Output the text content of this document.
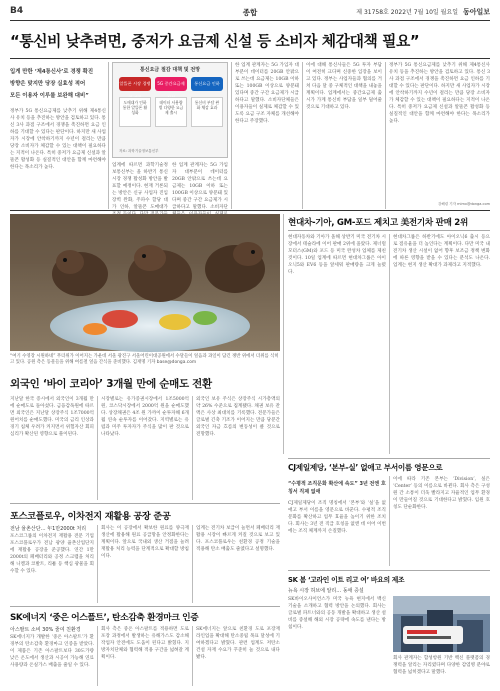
B4	종합	제 31758호 2022년 7월 10일 월요일 동아일보
“통신비 낮추려면, 중저가 요금제 신설 등 소비자 체감대책 필요”
입게 만한 ‘제4통신사’로 경쟁 확진
방향은 맞지만 당장 실효성 적어
모든 이용자 이루를 보완해 대비”
정부가 5G 통신요금제를 낮추기 위해 제4통신사 유치 등을 추진하는 방안을 검토하고 있다. 통신 3사 과점 구조에서 경쟁을 촉진하면 요금 인하를 기대할 수 있다는 판단이다. 하지만 새 사업자가 시장에 안착하기까지 수년이 걸리는 만큼 당장 소비자가 체감할 수 있는 대책이 필요하다는 지적이 나온다. 특히 중저가 요금제 신설과 알뜰폰 활성화 등 실질적인 대안을 함께 마련해야 한다는 목소리가 높다.
통신요금 절감 대책 및 전망
알뜰폰 시장 경쟁	5G 중간요금제	통신요금 인하
도매대가 인하 통한 알뜰폰 활성화
데이터 사용량별 다양한 요금제 출시
통신비 부담 완화 체감 효과
자료: 과학기술정보통신부
업계에 따르면 과학기술정보통신부는 올 하반기 통신시장 경쟁 활성화 방안을 발표할 예정이다. 현재 거론되는 방안은 신규 사업자 진입 장벽 완화, 주파수 할당 대가 인하, 알뜰폰 도매대가
한 업계 관계자는 5G 가입자 대부분이 데이터를 20GB 안팎으로 쓰는데 요금제는 10GB 이하 또는 100GB 이상으로 양분돼 있다며 중간 구간 요금제가 시급하다고 말했다. 소비자단
한 업계 관계자는 5G 가입자 대부분이 데이터를 20GB 안팎으로 쓰는데 요금제는 10GB 이하 또는 100GB 이상으로 양분돼 있다며 중간 구간 요금제가 시급하다고 말했다. 소비자단체들은 이용자들이 실제로 체감할 수 있도록 요금 구조 자체를 개선해야 한다고 주장했다.
이에 대해 통신사들은 5G 투자 부담이 여전히 크다며 신중한 입장을 보이고 있다. 정부는 사업자들과 협의를 거쳐 다음 달 중 구체적인 대책을 내놓을 계획이다. 업계에서는 중간요금제 출시가 가계 통신비 부담을 일부 덜어줄 것으로 기대하고 있다.
정부가 5G 통신요금제를 낮추기 위해 제4통신사 유치 등을 추진하는 방안을 검토하고 있다. 통신 3사 과점 구조에서 경쟁을 촉진하면 요금 인하를 기대할 수 있다는 판단이다. 하지만 새 사업자가 시장에 안착하기까지 수년이 걸리는 만큼 당장 소비자가 체감할 수 있는 대책이 필요하다는 지적이 나온다. 특히 중저가 요금제 신설과 알뜰폰 활성화 등 실질적인 대안을 함께 마련해야 한다는 목소리가 높다.
강해령 기자 mimx@donga.com
“여기 수영장 시원하네” 무더위가 이어지는 가운데 서울 광진구 서울어린이대공원에서 수달들이 얼음과 과일이 담긴 쟁반 위에서 더위를 식히고 있다. 공원 측은 동물들을 위해 여름철 얼음 간식을 준비했다. 김재명 기자 base@donga.com
현대차-기아, GM-포드 제치고 美전기차 판매 2위
현대자동차와 기아가 올해 상반기 미국 전기차 시장에서 테슬라에 이어 판매 2위에 올랐다. 제너럴모터스(GM)와 포드 등 미국 완성차 업체를 제친 것이다. 10일 업계에 따르면 현대차그룹은 아이오닉5와 EV6 등을 앞세워 판매량을 크게 늘렸다.
현대차그룹은 하반기에도 아이오닉6 출시 등으로 점유율을 더 높인다는 계획이다. 다만 미국 내 전기차 생산 시설이 없어 향후 보조금 정책 변화에 따른 영향을 받을 수 있다는 분석도 나온다. 업계는 현지 생산 확대가 과제라고 지적했다.
외국인 ‘바이 코리아’ 3개월 만에 순매도 전환
지난달 한국 증시에서 외국인이 3개월 만에 순매도로 돌아섰다. 금융감독원에 따르면 외국인은 지난달 상장주식 1조7000억 원어치를 순매도했다. 미국의 금리 인상과 경기 침체 우려가 커지면서 위험자산 회피 심리가 확산된 영향으로 풀이된다.
시장별로는 유가증권시장에서 1조5000억 원, 코스닥시장에서 2000억 원을 순매도했다. 상장채권은 4조 원 가까이 순투자해 6개월 연속 순투자를 이어갔다. 지역별로는 유럽과 미주 투자자가 주식을 많이 판 것으로 나타났다.
외국인 보유 주식은 상장주식 시가총액의 약 26% 수준으로 집계됐다. 채권 보유 잔액은 사상 최대치를 기록했다. 전문가들은 글로벌 긴축 기조가 이어지는 만큼 당분간 외국인 자금 흐름의 변동성이 클 것으로 전망했다.
CJ제일제당, ‘본부-실’ 없애고 부서이름 영문으로
“수평적 조직문화 확산에 속도” 3년 전엔 호칭서 직제 없애
CJ제일제당이 조직 명칭에서 ‘본부’와 ‘실’을 없애고 부서 이름을 영문으로 바꾼다. 수평적 조직문화를 확산하고 업무 효율을 높이기 위한 조치다. 회사는 3년 전 직급 호칭을 없앤 데 이어 이번에는 조직 체계까지 손질했다.
이에 따라 기존 본부는 ‘Division’, 실은 ‘Center’ 등의 이름으로 바뀐다. 회사 측은 구성원 간 소통이 더욱 빨라지고 자율적인 업무 환경이 만들어질 것으로 기대한다고 밝혔다. 임원 호칭도 단순화한다.
포스코플로우, 이차전지 재활용 공장 준공
전남 율촌산단… 年1만2000t 처리
포스코그룹의 이차전지 재활용 전문 기업 포스코플로우가 전남 광양 율촌산업단지에 재활용 공장을 준공했다. 연간 1만2000t의 폐배터리와 공정 스크랩을 처리해 니켈과 코발트, 리튬 등 핵심 광물을 회수할 수 있다.
회사는 이 공장에서 확보한 원료를 양극재 생산에 활용해 원료 공급망을 안정화한다는 계획이다. 앞으로 국내외 생산 거점을 늘려 재활용 처리 능력을 단계적으로 확대할 방침이다.
업계는 전기차 보급이 늘면서 폐배터리 재활용 시장이 빠르게 커질 것으로 보고 있다. 포스코플로우는 친환경 공정 기술을 적용해 탄소 배출도 줄였다고 설명했다.
SK에너지 ‘중은 어스플트’, 탄소감축 환경마크 인증
아스팔트 소비 30% 줄여 친환경
SK에너지가 개발한 ‘중온 아스팔트’가 환경부의 탄소감축 환경마크 인증을 받았다. 이 제품은 기존 아스팔트보다 30도가량 낮은 온도에서 생산과 시공이 가능해 연료 사용량과 온실가스 배출을 줄일 수 있다.
회사 측은 중온 아스팔트를 적용하면 도로 포장 과정에서 발생하는 유해가스도 감소해 작업자 안전에도 도움이 된다고 밝혔다. 지방자치단체와 협력해 적용 구간을 넓혀갈 계획이다.
SK에너지는 앞으로 친환경 도로 포장재 라인업을 확대해 탄소중립 목표 달성에 기여하겠다고 밝혔다. 관련 업계도 저탄소 건설 자재 수요가 꾸준히 늘 것으로 내다봤다.
SK 봄 ‘고라인 이트 리고 여’ 바요의 제조
뉴욕 시장 허브에 알리… 동애 증설
SK바이오사이언스가 미국 뉴욕 현지에서 백신 기술을 소개하고 협력 방안을 논의했다. 회사는 글로벌 파트너와의 공동 개발을 확대하고 생산 설비를 증설해 해외 시장 공략에 속도를 낸다는 방침이다.
회사 관계자는 합성항원 기반 백신 플랫폼의 경쟁력을 알리는 자리였다며 다양한 감염병 분야로 협력을 넓히겠다고 말했다.
